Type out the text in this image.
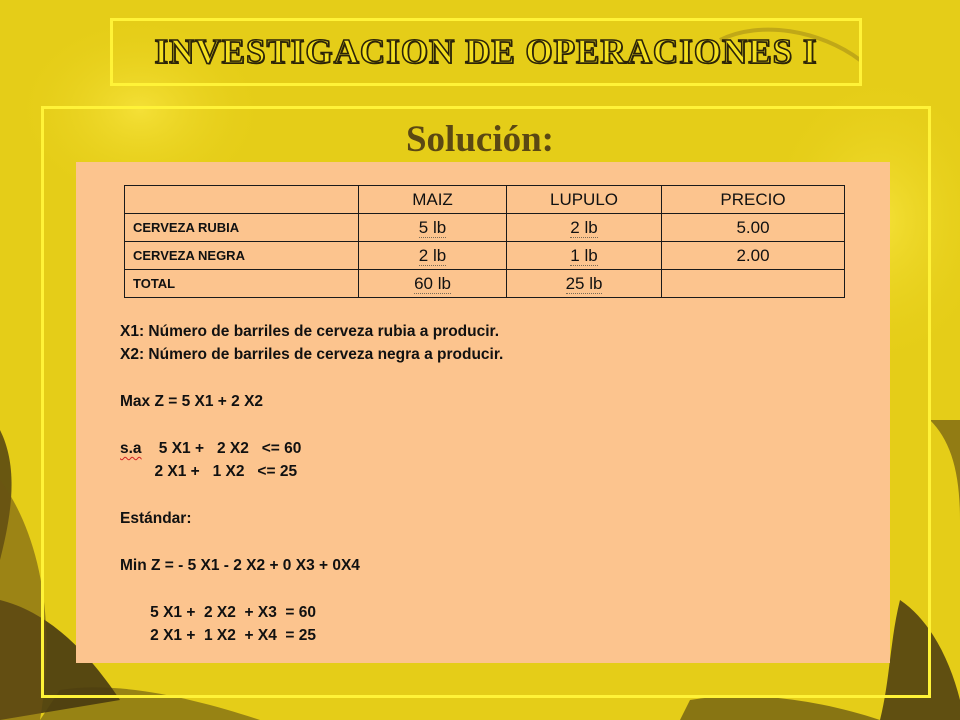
INVESTIGACION DE OPERACIONES I
Solución:
	MAIZ	LUPULO	PRECIO
CERVEZA RUBIA	5 lb	2 lb	5.00
CERVEZA NEGRA	2 lb	1 lb	2.00
TOTAL	60 lb	25 lb	
X1: Número de barriles de cerveza rubia a producir.
X2: Número de barriles de cerveza negra a producir.

Max Z = 5 X1 + 2 X2

s.a    5 X1 +   2 X2   <= 60
2 X1 +   1 X2   <= 25

Estándar:

Min Z = - 5 X1 - 2 X2 + 0 X3 + 0X4

5 X1 +  2 X2  + X3  = 60
2 X1 +  1 X2  + X4  = 25
